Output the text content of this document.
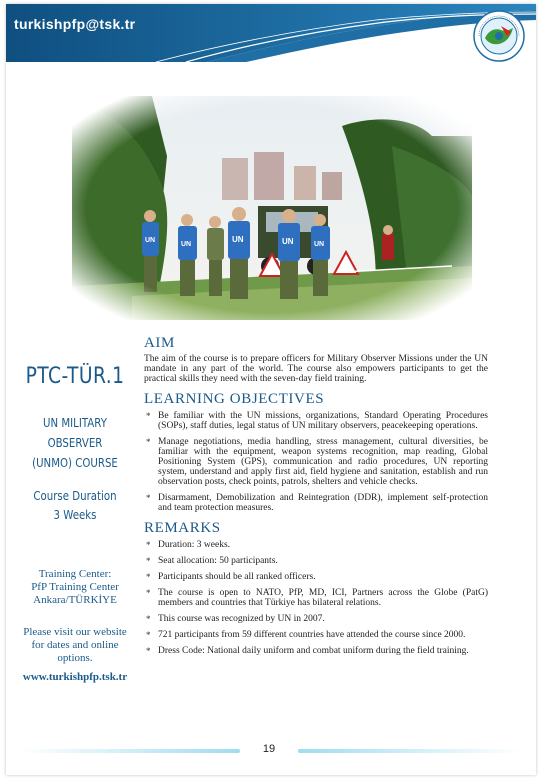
turkishpfp@tsk.tr
PTC-TÜR.1
UN MILITARY
OBSERVER
(UNMO) COURSE
Course Duration
3 Weeks
Training Center:
PfP Training Center
Ankara/TÜRKİYE
Please visit our website
for dates and online
options.
www.turkishpfp.tsk.tr
AIM

The aim of the course is to prepare officers for Military Observer Missions under the UN mandate in any part of the world. The course also empowers participants to get the practical skills they need with the seven-day field training.

LEARNING OBJECTIVES
* Be familiar with the UN missions, organizations, Standard Operating Procedures (SOPs), staff duties, legal status of UN military observers, peacekeeping operations.
* Manage negotiations, media handling, stress management, cultural diversities, be familiar with the equipment, weapon systems recognition, map reading, Global Positioning System (GPS), communication and radio procedures, UN reporting system, understand and apply first aid, field hygiene and sanitation, establish and run observation posts, check points, patrols, shelters and vehicle checks.
* Disarmament, Demobilization and Reintegration (DDR), implement self-protection and team protection measures.
REMARKS
* Duration: 3 weeks.
* Seat allocation: 50 participants.
* Participants should be all ranked officers.
* The course is open to NATO, PfP, MD, ICI, Partners across the Globe (PatG) members and countries that Türkiye has bilateral relations.
* This course was recognized by UN in 2007.
* 721 participants from 59 different countries have attended the course since 2000.
* Dress Code: National daily uniform and combat uniform during the field training.
19
